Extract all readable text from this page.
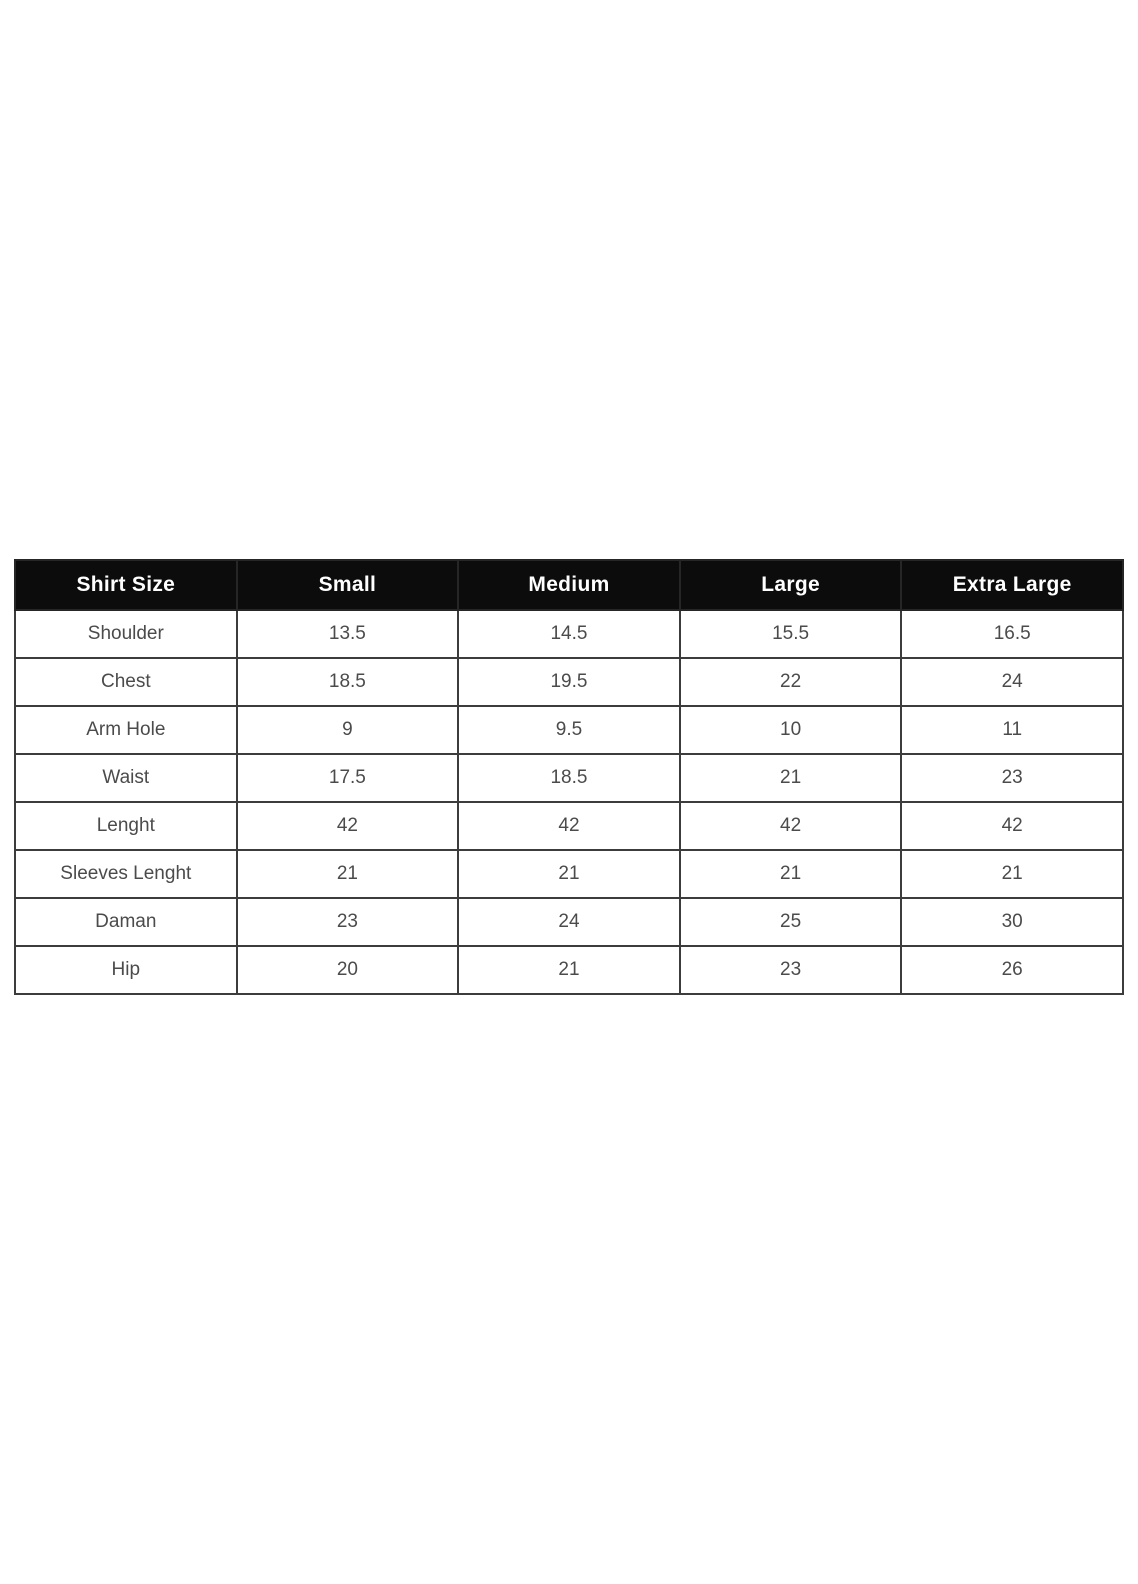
Shirt Size	Small	Medium	Large	Extra Large
Shoulder	13.5	14.5	15.5	16.5
Chest	18.5	19.5	22	24
Arm Hole	9	9.5	10	11
Waist	17.5	18.5	21	23
Lenght	42	42	42	42
Sleeves Lenght	21	21	21	21
Daman	23	24	25	30
Hip	20	21	23	26
